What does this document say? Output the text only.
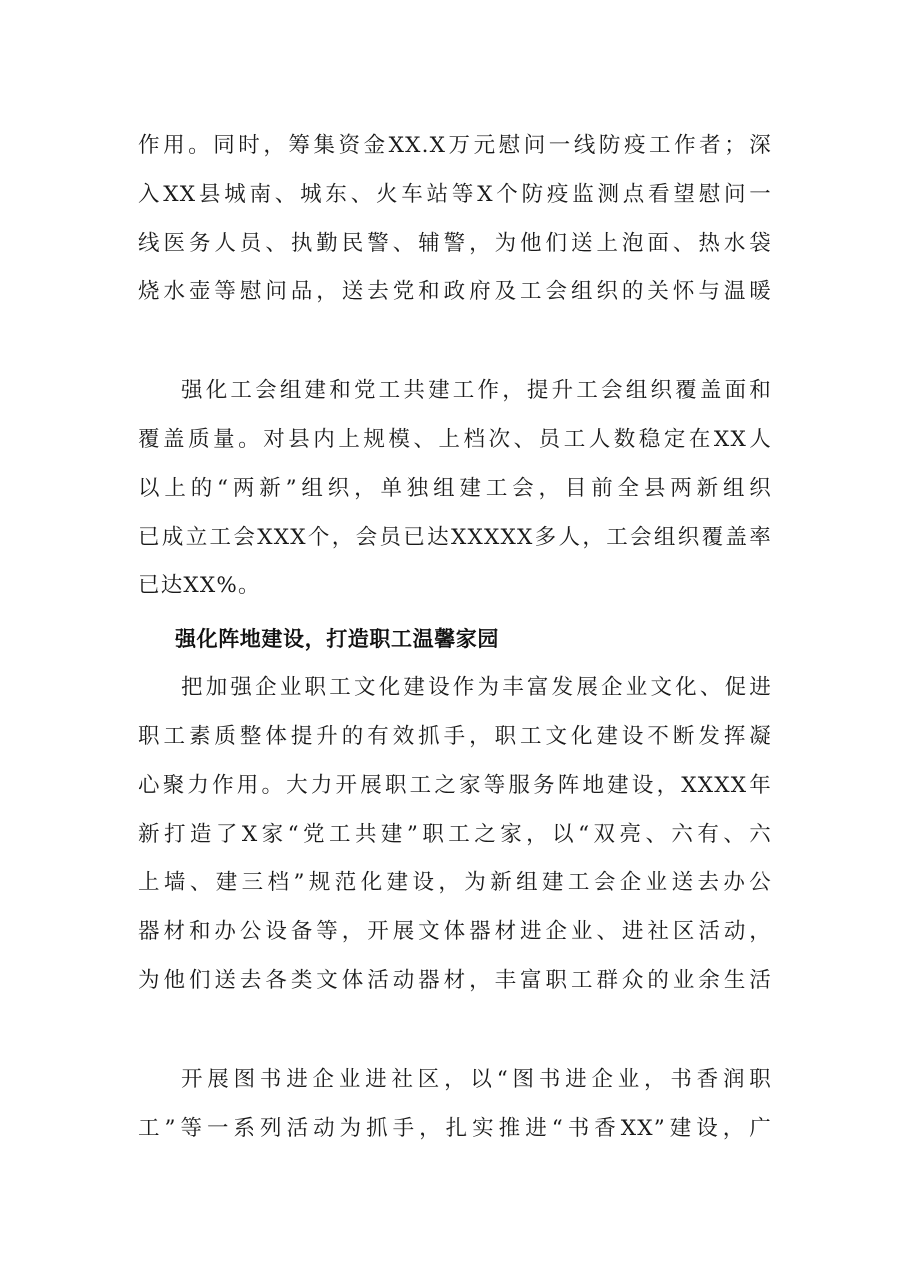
作用。同时，筹集资金XX.X万元慰问一线防疫工作者；深

入XX县城南、城东、火车站等X个防疫监测点看望慰问一

线医务人员、执勤民警、辅警，为他们送上泡面、热水袋

烧水壶等慰问品，送去党和政府及工会组织的关怀与温暖

强化工会组建和党工共建工作，提升工会组织覆盖面和

覆盖质量。对县内上规模、上档次、员工人数稳定在XX人

以上的“两新”组织，单独组建工会，目前全县两新组织

已成立工会XXX个，会员已达XXXXX多人，工会组织覆盖率

已达XX%。

强化阵地建设，打造职工温馨家园

把加强企业职工文化建设作为丰富发展企业文化、促进

职工素质整体提升的有效抓手，职工文化建设不断发挥凝

心聚力作用。大力开展职工之家等服务阵地建设，XXXX年

新打造了X家“党工共建”职工之家，以“双亮、六有、六

上墙、建三档”规范化建设，为新组建工会企业送去办公

器材和办公设备等，开展文体器材进企业、进社区活动，

为他们送去各类文体活动器材，丰富职工群众的业余生活

开展图书进企业进社区，以“图书进企业，书香润职

工”等一系列活动为抓手，扎实推进“书香XX”建设，广
